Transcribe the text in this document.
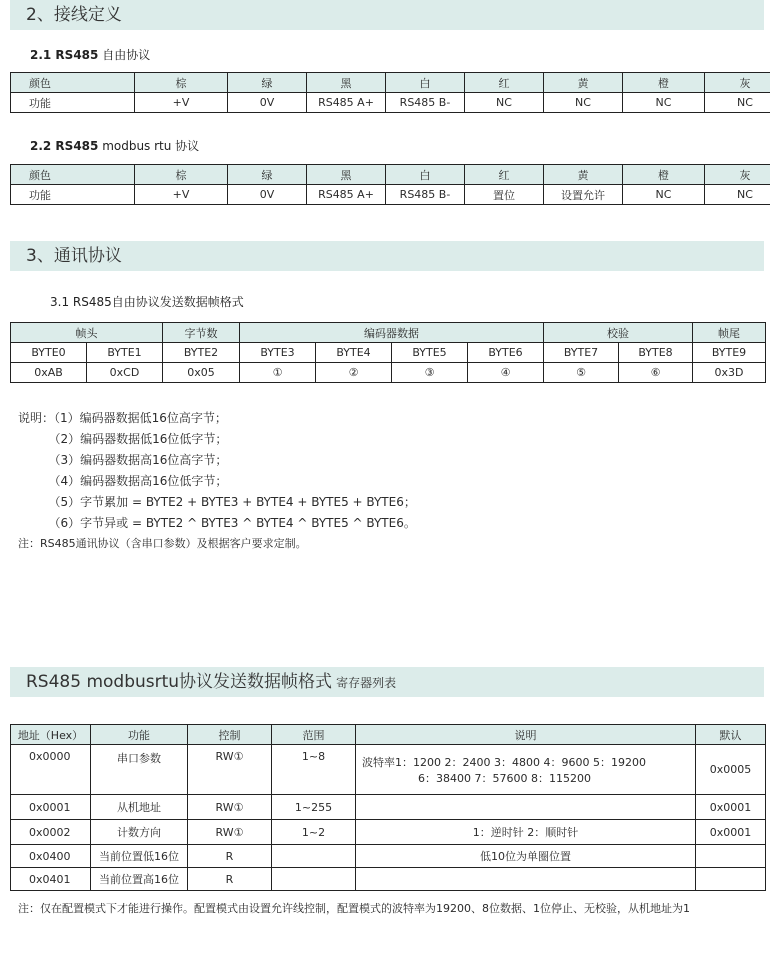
2、接线定义
2.1 RS485 自由协议
颜色	棕	绿	黑	白	红	黄	橙	灰
功能	+V	0V	RS485 A+	RS485 B-	NC	NC	NC	NC
2.2 RS485 modbus rtu 协议
颜色	棕	绿	黑	白	红	黄	橙	灰
功能	+V	0V	RS485 A+	RS485 B-	置位	设置允许	NC	NC
3、通讯协议
3.1 RS485自由协议发送数据帧格式
帧头		字节数	编码器数据				校验		帧尾
BYTE0	BYTE1	BYTE2	BYTE3	BYTE4	BYTE5	BYTE6	BYTE7	BYTE8	BYTE9
0xAB	0xCD	0x05	①	②	③	④	⑤	⑥	0x3D
说明：（1）编码器数据低16位高字节；
（2）编码器数据低16位低字节；
（3）编码器数据高16位高字节；
（4）编码器数据高16位低字节；
（5）字节累加 = BYTE2 + BYTE3 + BYTE4 + BYTE5 + BYTE6；
（6）字节异或 = BYTE2 ^ BYTE3 ^ BYTE4 ^ BYTE5 ^ BYTE6。
注：RS485通讯协议（含串口参数）及根据客户要求定制。
RS485 modbusrtu协议发送数据帧格式 寄存器列表
地址（Hex）	功能	控制	范围	说明	默认
0x0000	串口参数	RW①	1~8	波特率1：1200 2：2400 3：4800 4：9600 5：19200
6：38400 7：57600 8：115200	0x0005
0x0001	从机地址	RW①	1~255		0x0001
0x0002	计数方向	RW①	1~2	1：逆时针 2：顺时针	0x0001
0x0400	当前位置低16位	R		低10位为单圈位置	

0x0401	当前位置高16位	R		

注：仅在配置模式下才能进行操作。配置模式由设置允许线控制，配置模式的波特率为19200、8位数据、1位停止、无校验，从机地址为1
